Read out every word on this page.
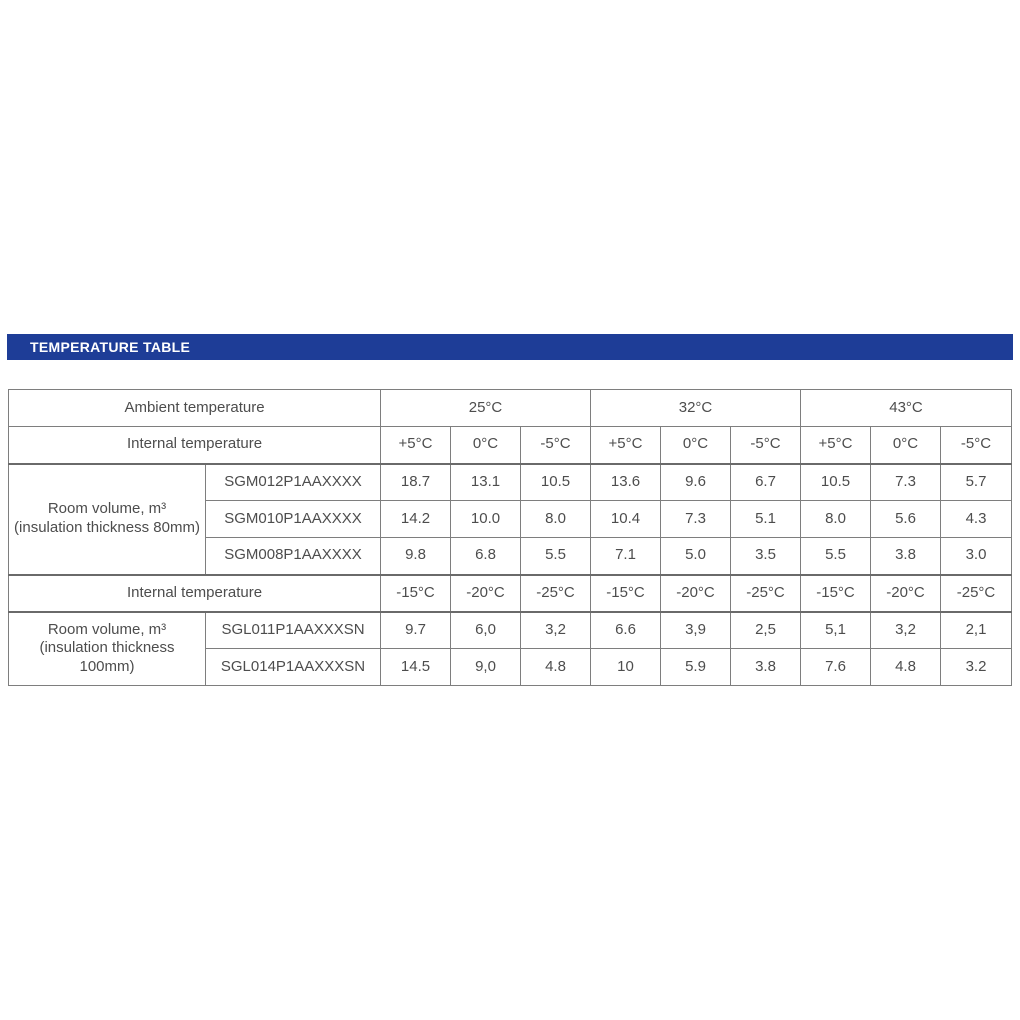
TEMPERATURE TABLE
Ambient temperature		25°C			32°C			43°C		
Internal temperature		+5°C	0°C	-5°C	+5°C	0°C	-5°C	+5°C	0°C	-5°C
Room volume, m³ (insulation thickness 80mm)	SGM012P1AAXXXX	18.7	13.1	10.5	13.6	9.6	6.7	10.5	7.3	5.7
	SGM010P1AAXXXX	14.2	10.0	8.0	10.4	7.3	5.1	8.0	5.6	4.3
	SGM008P1AAXXXX	9.8	6.8	5.5	7.1	5.0	3.5	5.5	3.8	3.0
Internal temperature		-15°C	-20°C	-25°C	-15°C	-20°C	-25°C	-15°C	-20°C	-25°C
Room volume, m³ (insulation thickness 100mm)	SGL011P1AAXXXSN	9.7	6,0	3,2	6.6	3,9	2,5	5,1	3,2	2,1
	SGL014P1AAXXXSN	14.5	9,0	4.8	10	5.9	3.8	7.6	4.8	3.2
